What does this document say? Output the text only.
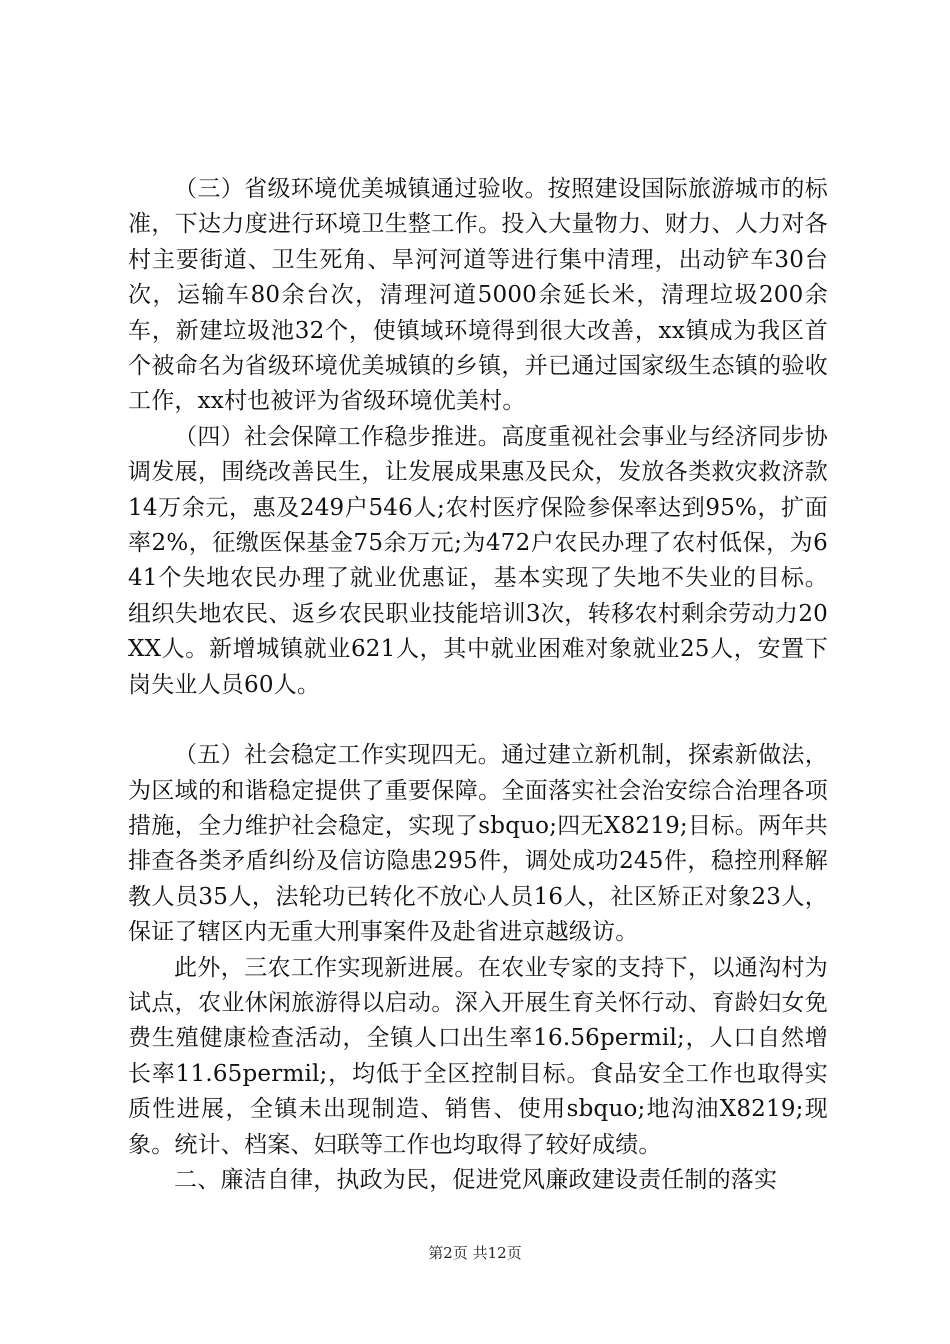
（三）省级环境优美城镇通过验收。按照建设国际旅游城市的标准，下达力度进行环境卫生整工作。投入大量物力、财力、人力对各村主要街道、卫生死角、旱河河道等进行集中清理，出动铲车30台次，运输车80余台次，清理河道5000余延长米，清理垃圾200余车，新建垃圾池32个，使镇域环境得到很大改善，xx镇成为我区首个被命名为省级环境优美城镇的乡镇，并已通过国家级生态镇的验收工作，xx村也被评为省级环境优美村。

（四）社会保障工作稳步推进。高度重视社会事业与经济同步协调发展，围绕改善民生，让发展成果惠及民众，发放各类救灾救济款14万余元，惠及249户546人;农村医疗保险参保率达到95%，扩面率2%，征缴医保基金75余万元;为472户农民办理了农村低保，为641个失地农民办理了就业优惠证，基本实现了失地不失业的目标。组织失地农民、返乡农民职业技能培训3次，转移农村剩余劳动力20XX人。新增城镇就业621人，其中就业困难对象就业25人，安置下岗失业人员60人。

（五）社会稳定工作实现四无。通过建立新机制，探索新做法，为区域的和谐稳定提供了重要保障。全面落实社会治安综合治理各项措施，全力维护社会稳定，实现了sbquo;四无X8219;目标。两年共排查各类矛盾纠纷及信访隐患295件，调处成功245件，稳控刑释解教人员35人，法轮功已转化不放心人员16人，社区矫正对象23人，保证了辖区内无重大刑事案件及赴省进京越级访。

此外，三农工作实现新进展。在农业专家的支持下，以通沟村为试点，农业休闲旅游得以启动。深入开展生育关怀行动、育龄妇女免费生殖健康检查活动，全镇人口出生率16.56permil;，人口自然增长率11.65permil;，均低于全区控制目标。食品安全工作也取得实质性进展，全镇未出现制造、销售、使用sbquo;地沟油X8219;现象。统计、档案、妇联等工作也均取得了较好成绩。

二、廉洁自律，执政为民，促进党风廉政建设责任制的落实

第2页 共12页
